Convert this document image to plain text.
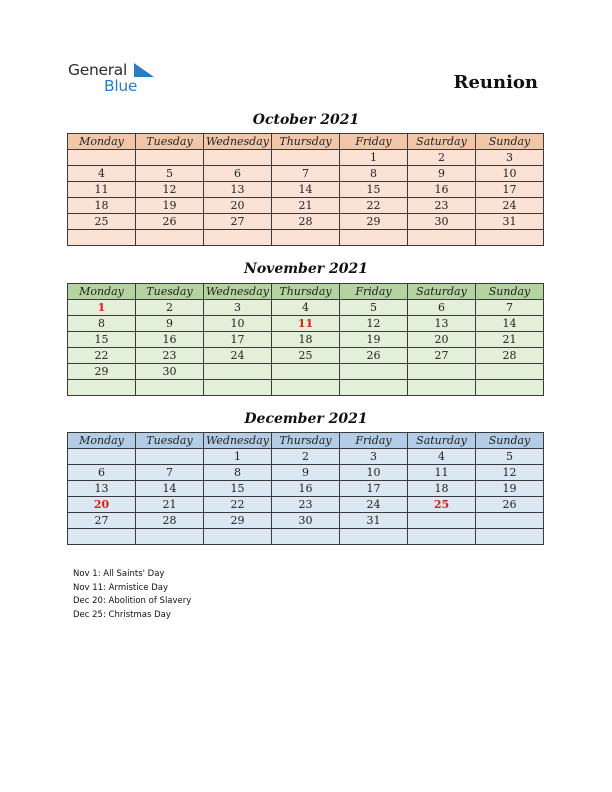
General
Blue	Reunion
October 2021
Monday	Tuesday	Wednesday	Thursday	Friday	Saturday	Sunday
				1	2	3
4	5	6	7	8	9	10
11	12	13	14	15	16	17
18	19	20	21	22	23	24
25	26	27	28	29	30	31

November 2021
Monday	Tuesday	Wednesday	Thursday	Friday	Saturday	Sunday
1	2	3	4	5	6	7
8	9	10	11	12	13	14
15	16	17	18	19	20	21
22	23	24	25	26	27	28
29	30					

December 2021
Monday	Tuesday	Wednesday	Thursday	Friday	Saturday	Sunday
		1	2	3	4	5
6	7	8	9	10	11	12
13	14	15	16	17	18	19
20	21	22	23	24	25	26
27	28	29	30	31		

Nov 1: All Saints' Day
Nov 11: Armistice Day
Dec 20: Abolition of Slavery
Dec 25: Christmas Day
